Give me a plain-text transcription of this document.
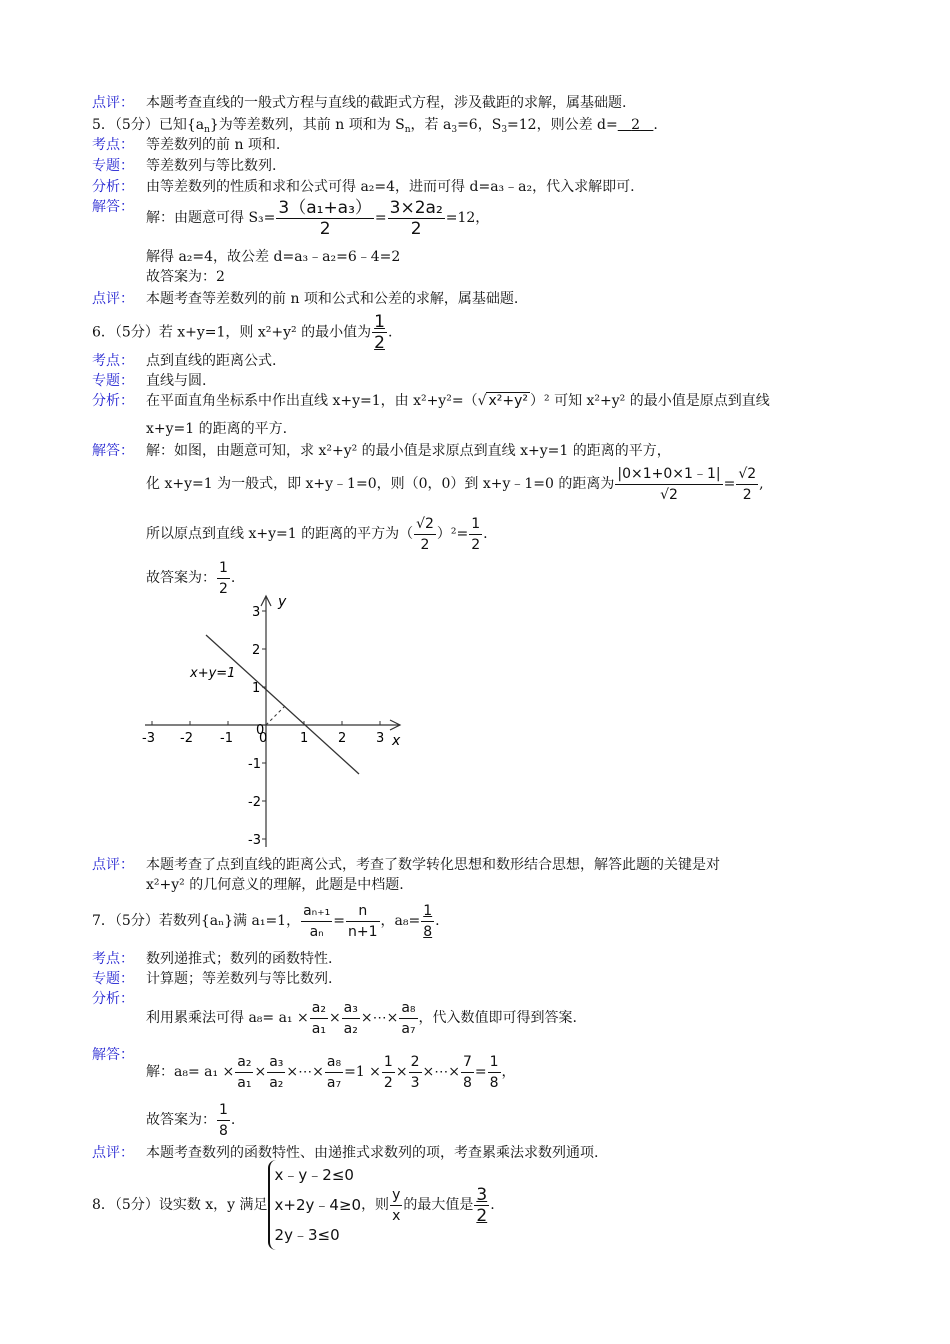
点评： 本题考查直线的一般式方程与直线的截距式方程，涉及截距的求解，属基础题.
5．（5分）已知$\{a_n\}$为等差数列，其前 n 项和为 $S_n$，若 $a_3=6$，$S_3=12$，则公差 d= 2 .
考点： 等差数列的前 n 项和.
专题： 等差数列与等比数列.
分析： 由等差数列的性质和求和公式可得 a₂=4，进而可得 d=a₃﹣a₂，代入求解即可.
解答：
解：由题意可得 $S_3= \frac{\text{3（a₁+a₃）}}{2} = \frac{\text{3×2a₂}}{2} =12$，
解得 a₂=4，故公差 d=a₃﹣a₂=6﹣4=2
故答案为：2
点评： 本题考查等差数列的前 n 项和公式和公差的求解，属基础题.
6．（5分）若 x+y=1，则 x²+y² 的最小值为 $\frac{1}{2}$ .
考点： 点到直线的距离公式.
专题： 直线与圆.
分析： 在平面直角坐标系中作出直线 x+y=1，由 x²+y²=（√ x²+y² ）² 可知 x²+y² 的最小值是原点到直线
x+y=1 的距离的平方.
解答： 解：如图，由题意可知，求 x²+y² 的最小值是求原点到直线 x+y=1 的距离的平方，
化 x+y=1 为一般式，即 x+y﹣1=0，则（0，0）到 x+y﹣1=0 的距离为 $\frac{|0\times 1+0\times 1﹣1|}{√2} = \frac{√2}{2}$ ,
所以原点到直线 x+y=1 的距离的平方为（ $\frac{√2}{2} )^2= \frac{1}{2}$ .
故答案为： $\frac{1}{2}$ .
y
x
-3 -2 -1 0	1 2 3
3
2
1
-1
-2
-3
0
x+y=1
点评： 本题考查了点到直线的距离公式，考查了数学转化思想和数形结合思想，解答此题的关键是对
x²+y² 的几何意义的理解，此题是中档题.
7．（5分）若数列{aₙ}满 a₁=1， $\frac{\text{aₙ₊₁}}{\text{aₙ}} = \frac{n}{n+1}$ ，$a_8= \frac{1}{8}$ .
考点： 数列递推式；数列的函数特性.
专题： 计算题；等差数列与等比数列.
分析：
利用累乘法可得 $a_8= a_1 \times \frac{\text{a₂}}{\text{a₁}} \times \frac{\text{a₃}}{\text{a₂}}$ ×⋯× $\frac{\text{a₈}}{\text{a₇}}$ ，代入数值即可得到答案.
解答：
解：$a_8= a_1 \times \frac{\text{a₂}}{\text{a₁}} \times \frac{\text{a₃}}{\text{a₂}}$ ×⋯× $\frac{\text{a₈}}{\text{a₇}} =1 \times \frac{1}{2} \times \frac{2}{3}$ ×⋯× $\frac{7}{8} = \frac{1}{8}$ ，
故答案为： $\frac{1}{8}$ .
点评： 本题考查数列的函数特性、由递推式求数列的项，考查累乘法求数列通项.
8．（5分）设实数 x，y 满足
x﹣y﹣2≤0
x+2y﹣4≥0
2y﹣3≤0
，则 $\frac{y}{x}$ 的最大值是 $\frac{3}{2}$ .
